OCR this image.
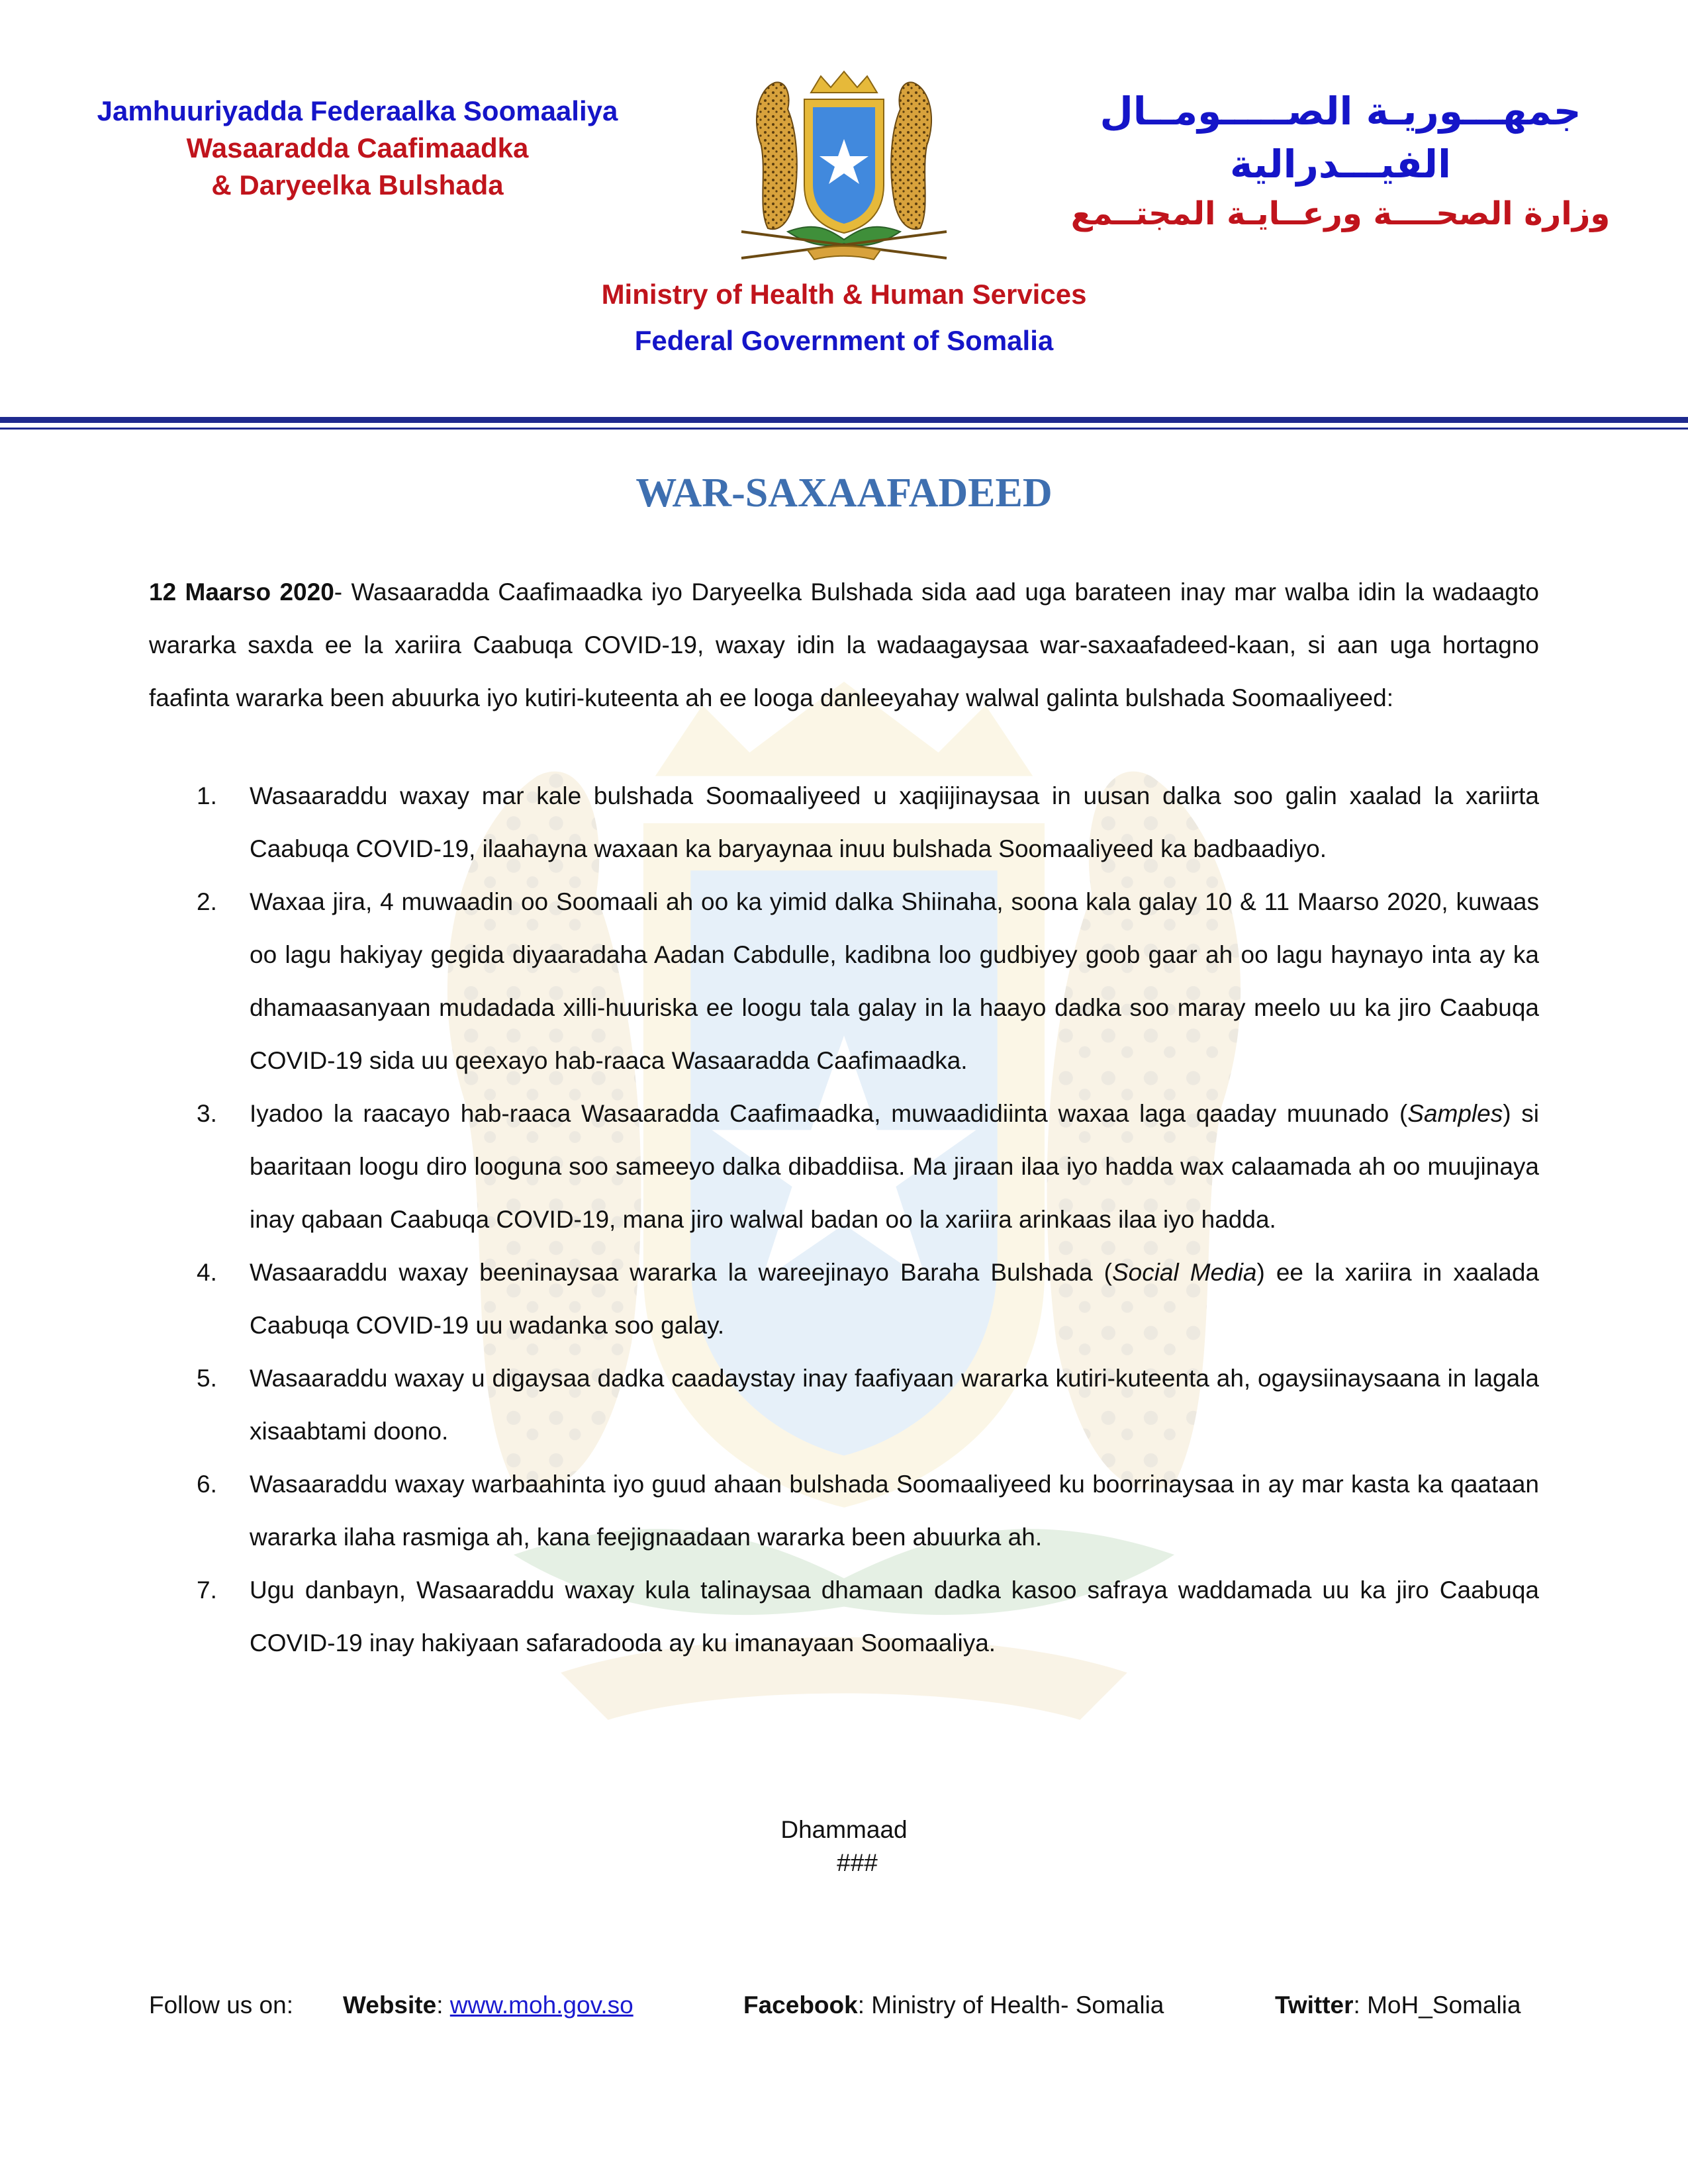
Jamhuuriyadda Federaalka Soomaaliya
Wasaaradda Caafimaadka
& Daryeelka Bulshada
جمهـــوريـة الصـــــومــال الفيـــدرالية
وزارة الصحــــة ورعــايـة المجتــمع
Ministry of Health & Human Services
Federal Government of Somalia
WAR-SAXAAFADEED

12 Maarso 2020- Wasaaradda Caafimaadka iyo Daryeelka Bulshada sida aad uga barateen inay mar walba idin la wadaagto wararka saxda ee la xariira Caabuqa COVID-19, waxay idin la wadaagaysaa war-saxaafadeed-kaan, si aan uga hortagno faafinta wararka been abuurka iyo kutiri-kuteenta ah ee looga danleeyahay walwal galinta bulshada Soomaaliyeed:

1. Wasaaraddu waxay mar kale bulshada Soomaaliyeed u xaqiijinaysaa in uusan dalka soo galin xaalad la xariirta Caabuqa COVID-19, ilaahayna waxaan ka baryaynaa inuu bulshada Soomaaliyeed ka badbaadiyo.
2. Waxaa jira, 4 muwaadin oo Soomaali ah oo ka yimid dalka Shiinaha, soona kala galay 10 & 11 Maarso 2020, kuwaas oo lagu hakiyay gegida diyaaradaha Aadan Cabdulle, kadibna loo gudbiyey goob gaar ah oo lagu haynayo inta ay ka dhamaasanyaan mudadada xilli-huuriska ee loogu tala galay in la haayo dadka soo maray meelo uu ka jiro Caabuqa COVID-19 sida uu qeexayo hab-raaca Wasaaradda Caafimaadka.
3. Iyadoo la raacayo hab-raaca Wasaaradda Caafimaadka, muwaadidiinta waxaa laga qaaday muunado (Samples) si baaritaan loogu diro looguna soo sameeyo dalka dibaddiisa. Ma jiraan ilaa iyo hadda wax calaamada ah oo muujinaya inay qabaan Caabuqa COVID-19, mana jiro walwal badan oo la xariira arinkaas ilaa iyo hadda.
4. Wasaaraddu waxay beeninaysaa wararka la wareejinayo Baraha Bulshada (Social Media) ee la xariira in xaalada Caabuqa COVID-19 uu wadanka soo galay.
5. Wasaaraddu waxay u digaysaa dadka caadaystay inay faafiyaan wararka kutiri-kuteenta ah, ogaysiinaysaana in lagala xisaabtami doono.
6. Wasaaraddu waxay warbaahinta iyo guud ahaan bulshada Soomaaliyeed ku boorrinaysaa in ay mar kasta ka qaataan wararka ilaha rasmiga ah, kana feejignaadaan wararka been abuurka ah.
7. Ugu danbayn, Wasaaraddu waxay kula talinaysaa dhamaan dadka kasoo safraya waddamada uu ka jiro Caabuqa COVID-19 inay hakiyaan safaradooda ay ku imanayaan Soomaaliya.
Dhammaad
###
Follow us on: Website: www.moh.gov.so	Facebook: Ministry of Health- Somalia	Twitter: MoH_Somalia
